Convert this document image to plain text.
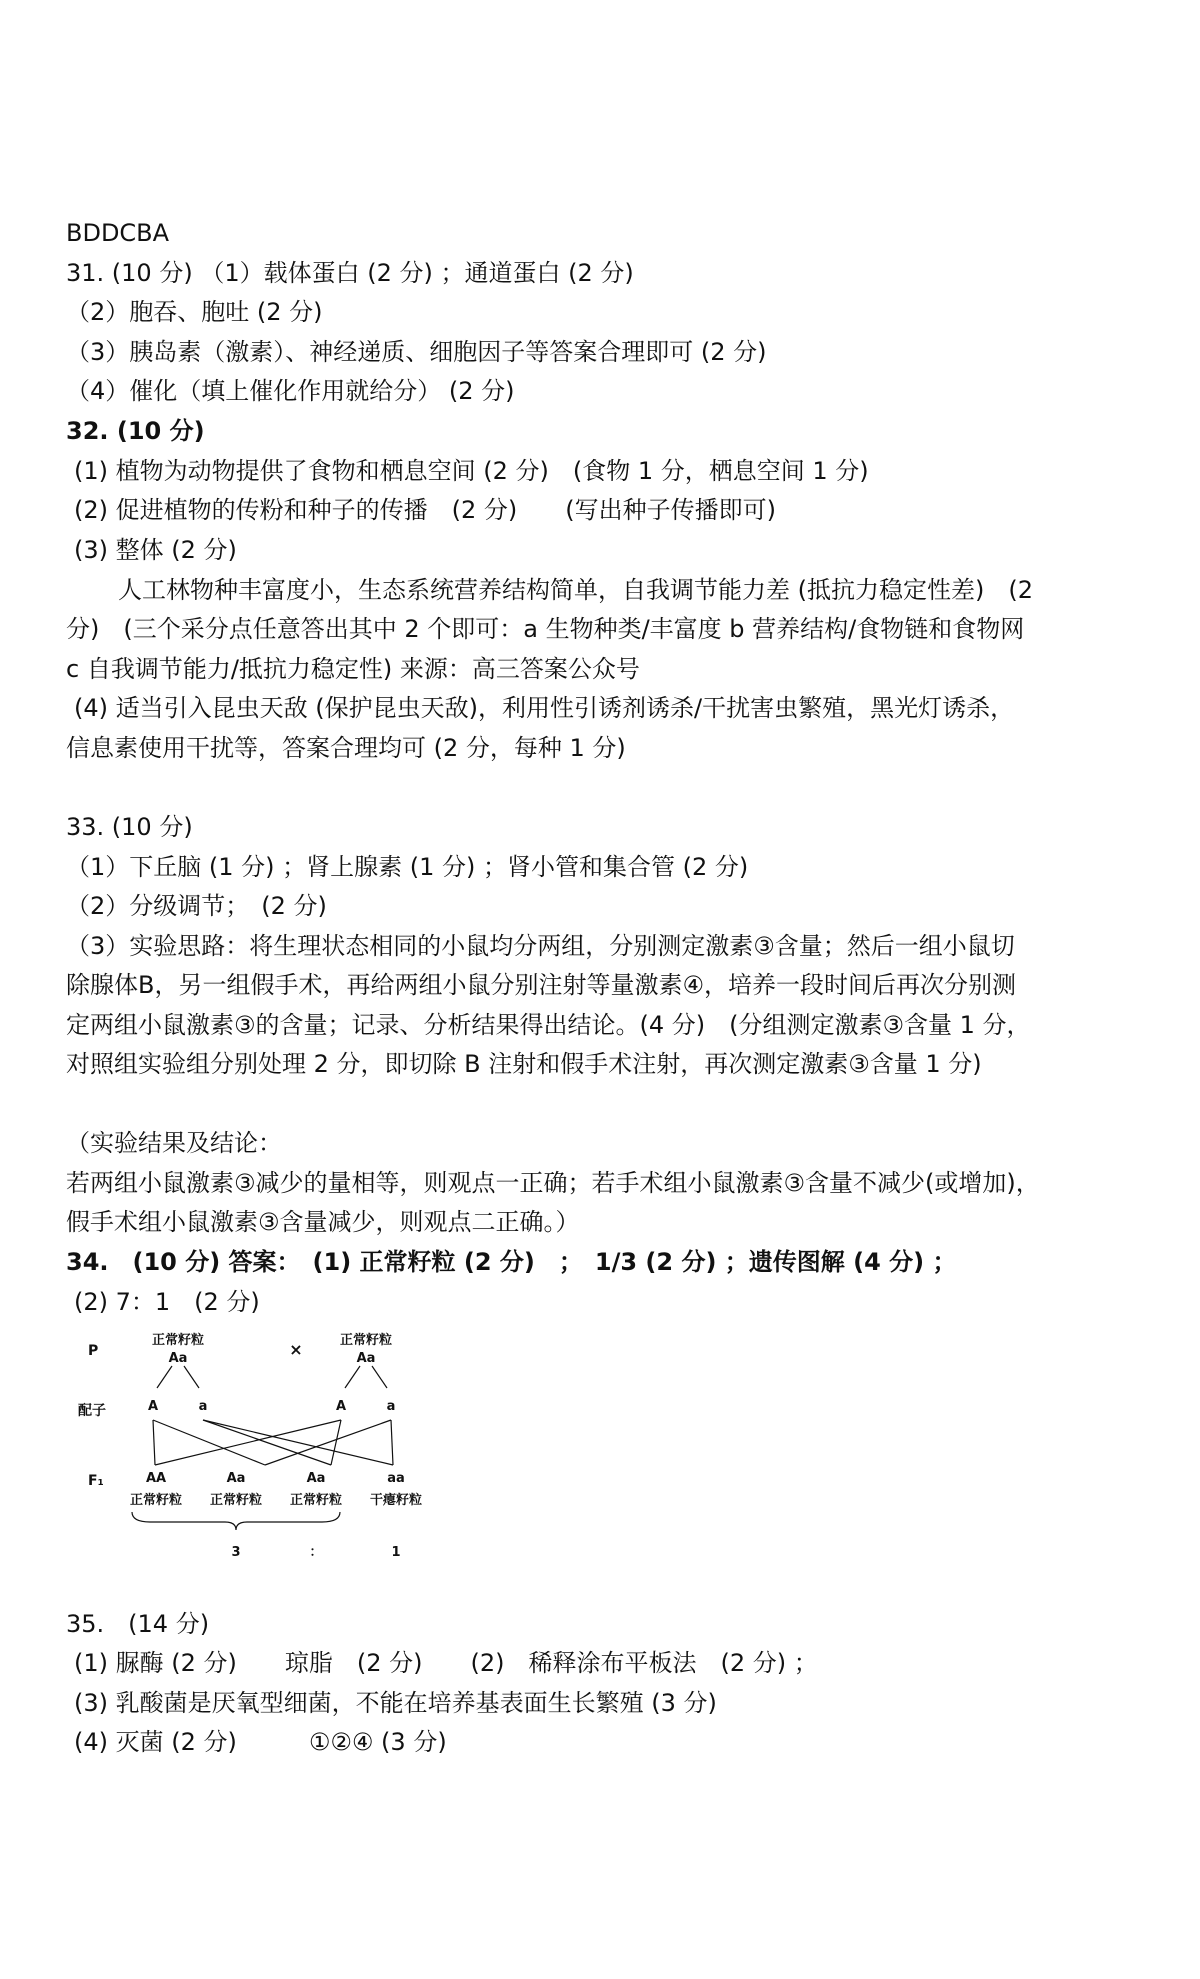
BDDCBA
31. (10 分) （1）载体蛋白 (2 分) ；通道蛋白 (2 分)
（2）胞吞、胞吐 (2 分)
（3）胰岛素（激素）、神经递质、细胞因子等答案合理即可 (2 分)
（4）催化（填上催化作用就给分） (2 分)
32. (10 分)
(1) 植物为动物提供了食物和栖息空间 (2 分)　(食物 1 分，栖息空间 1 分)
(2) 促进植物的传粉和种子的传播　(2 分)　　(写出种子传播即可)
(3) 整体 (2 分)
人工林物种丰富度小，生态系统营养结构简单，自我调节能力差 (抵抗力稳定性差)　(2
分)　(三个采分点任意答出其中 2 个即可：a 生物种类/丰富度 b 营养结构/食物链和食物网
c 自我调节能力/抵抗力稳定性) 来源：高三答案公众号
(4) 适当引入昆虫天敌 (保护昆虫天敌)，利用性引诱剂诱杀/干扰害虫繁殖，黑光灯诱杀，
信息素使用干扰等，答案合理均可 (2 分，每种 1 分)
33. (10 分)
（1）下丘脑 (1 分) ；肾上腺素 (1 分) ；肾小管和集合管 (2 分)
（2）分级调节；　(2 分)
（3）实验思路：将生理状态相同的小鼠均分两组，分别测定激素③含量；然后一组小鼠切
除腺体B，另一组假手术，再给两组小鼠分别注射等量激素④，培养一段时间后再次分别测
定两组小鼠激素③的含量；记录、分析结果得出结论。(4 分)　(分组测定激素③含量 1 分，
对照组实验组分别处理 2 分，即切除 B 注射和假手术注射，再次测定激素③含量 1 分)
（实验结果及结论：
若两组小鼠激素③减少的量相等，则观点一正确；若手术组小鼠激素③含量不减少(或增加)，
假手术组小鼠激素③含量减少，则观点二正确。）
34.　(10 分) 答案：　(1) 正常籽粒 (2 分)　；　1/3 (2 分) ；遗传图解 (4 分) ；
(2) 7：1　(2 分)
P
配子
F₁
正常籽粒
Aa	×	正常籽粒
Aa
A	a	A	a
AA	Aa	Aa	aa
正常籽粒 正常籽粒 正常籽粒 干瘪籽粒
3	：	1
35.　(14 分)
(1) 脲酶 (2 分)　　琼脂　(2 分)　　(2)　稀释涂布平板法　(2 分) ；
(3) 乳酸菌是厌氧型细菌，不能在培养基表面生长繁殖 (3 分)
(4) 灭菌 (2 分)　　　①②④ (3 分)
